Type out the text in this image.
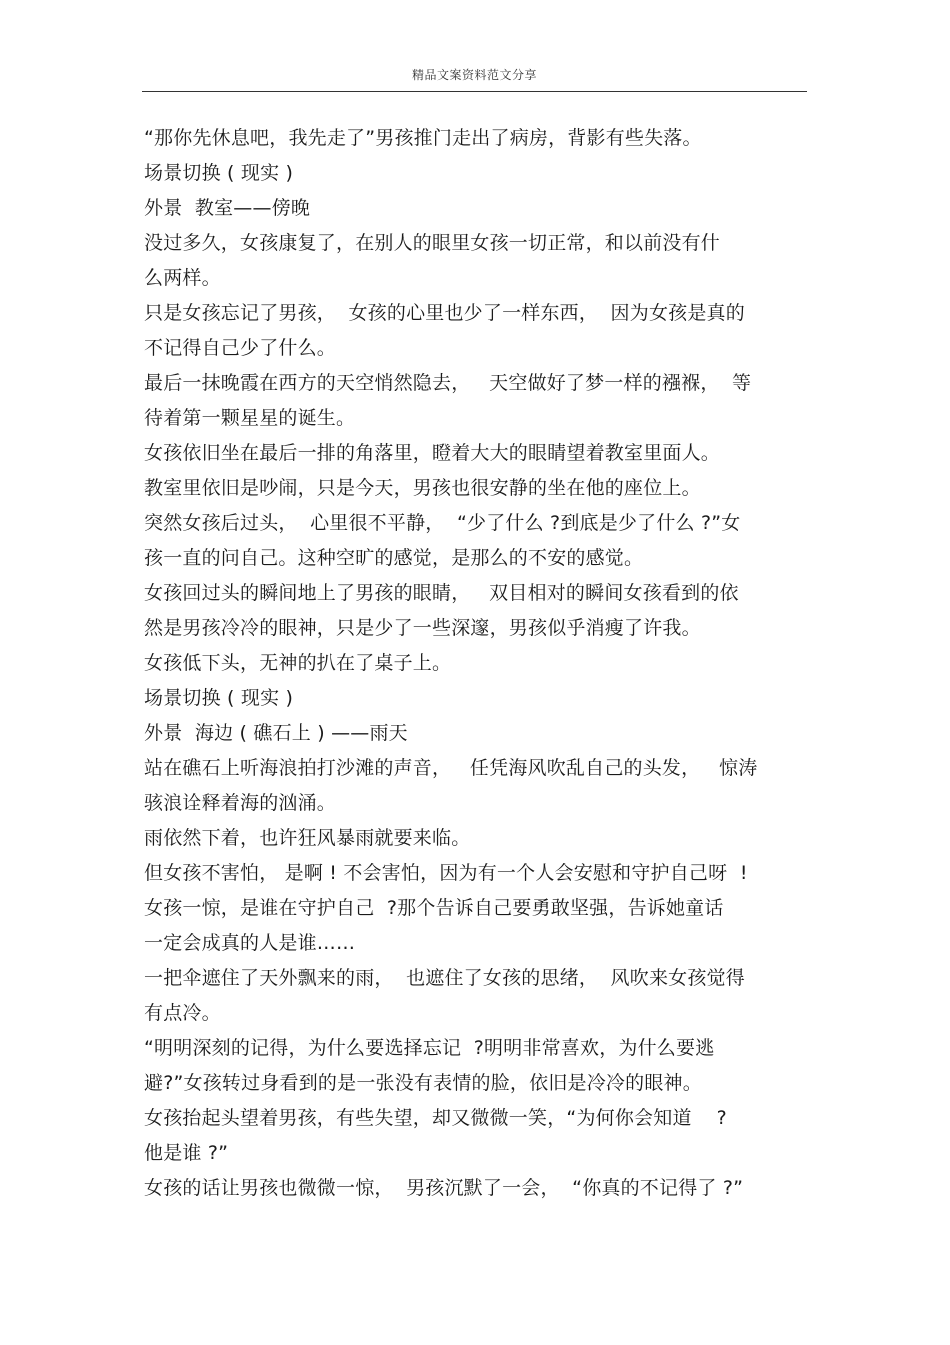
精品文案资料范文分享
“那你先休息吧，我先走了”男孩推门走出了病房，背影有些失落。
场景切换 ( 现实 )
外景  教室——傍晚
没过多久，女孩康复了，在别人的眼里女孩一切正常，和以前没有什
么两样。
只是女孩忘记了男孩，  女孩的心里也少了一样东西，  因为女孩是真的
不记得自己少了什么。
最后一抹晚霞在西方的天空悄然隐去，   天空做好了梦一样的襁褓，  等
待着第一颗星星的诞生。
女孩依旧坐在最后一排的角落里，瞪着大大的眼睛望着教室里面人。
教室里依旧是吵闹，只是今天，男孩也很安静的坐在他的座位上。
突然女孩后过头，  心里很不平静，  “少了什么 ?到底是少了什么 ?”女
孩一直的问自己。这种空旷的感觉，是那么的不安的感觉。
女孩回过头的瞬间地上了男孩的眼睛，   双目相对的瞬间女孩看到的依
然是男孩冷冷的眼神，只是少了一些深邃，男孩似乎消瘦了许我。
女孩低下头，无神的扒在了桌子上。
场景切换 ( 现实 )
外景  海边 ( 礁石上 ) ——雨天
站在礁石上听海浪拍打沙滩的声音，   任凭海风吹乱自己的头发，   惊涛
骇浪诠释着海的汹涌。
雨依然下着，也许狂风暴雨就要来临。
但女孩不害怕， 是啊 ! 不会害怕，因为有一个人会安慰和守护自己呀  !
女孩一惊，是谁在守护自己  ?那个告诉自己要勇敢坚强，告诉她童话
一定会成真的人是谁……
一把伞遮住了天外飘来的雨，  也遮住了女孩的思绪，  风吹来女孩觉得
有点冷。
“明明深刻的记得，为什么要选择忘记  ?明明非常喜欢，为什么要逃
避?”女孩转过身看到的是一张没有表情的脸，依旧是冷冷的眼神。
女孩抬起头望着男孩，有些失望，却又微微一笑，“为何你会知道    ?
他是谁 ?”
女孩的话让男孩也微微一惊，  男孩沉默了一会，  “你真的不记得了 ?”
